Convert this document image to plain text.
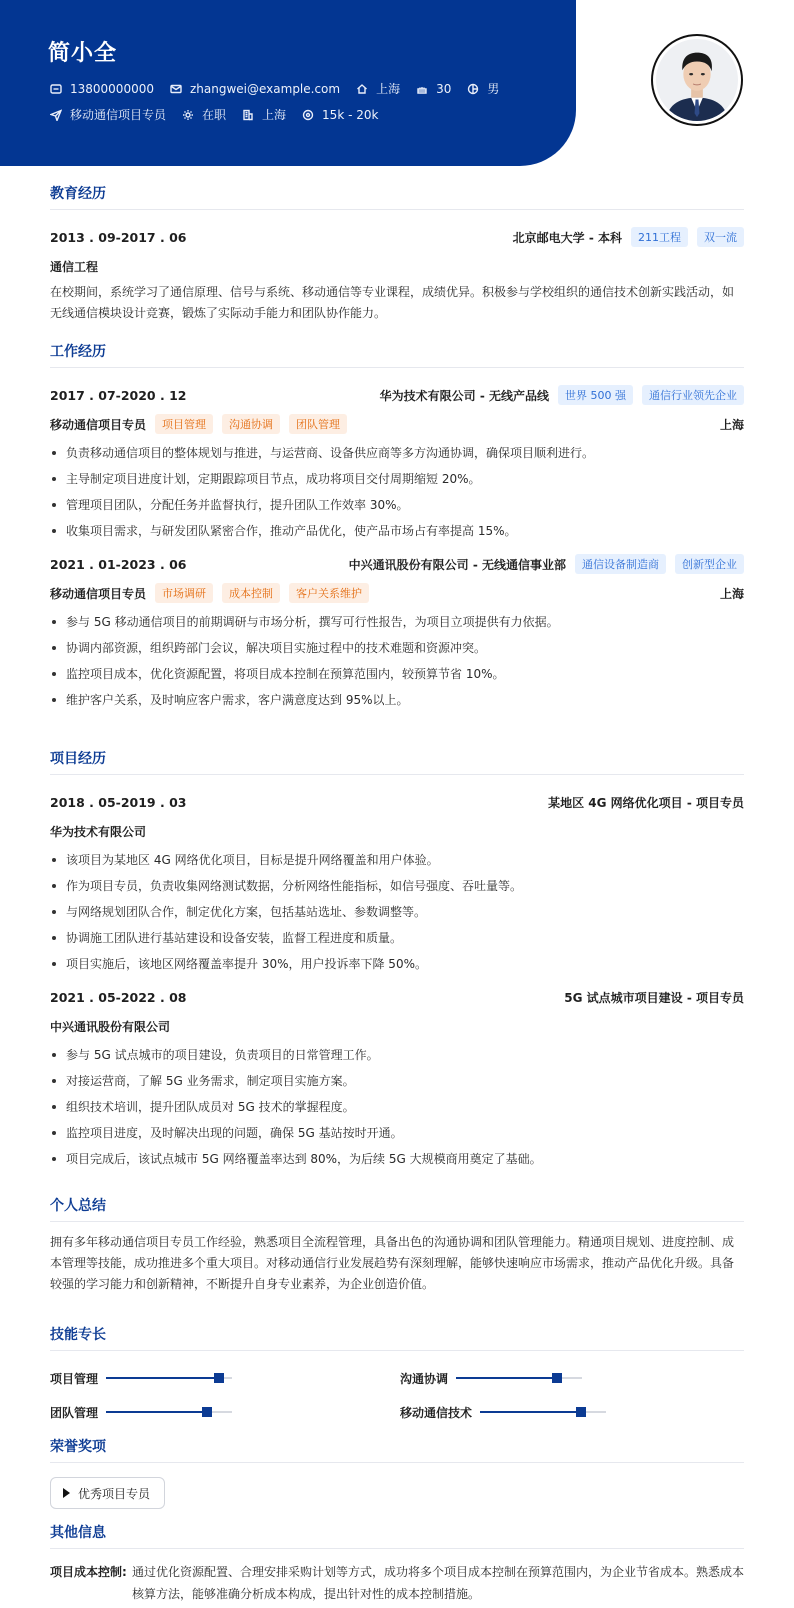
简小全
13800000000	zhangwei@example.com	上海	30	男
移动通信项目专员	在职	上海	15k - 20k
教育经历
2013 . 09-2017 . 06	北京邮电大学 - 本科	211工程	双一流
通信工程
在校期间，系统学习了通信原理、信号与系统、移动通信等专业课程，成绩优异。积极参与学校组织的通信技术创新实践活动，如无线通信模块设计竞赛，锻炼了实际动手能力和团队协作能力。
工作经历
2017 . 07-2020 . 12	华为技术有限公司 - 无线产品线	世界 500 强	通信行业领先企业
移动通信项目专员	项目管理	沟通协调	团队管理	上海
负责移动通信项目的整体规划与推进，与运营商、设备供应商等多方沟通协调，确保项目顺利进行。
主导制定项目进度计划，定期跟踪项目节点，成功将项目交付周期缩短 20%。
管理项目团队，分配任务并监督执行，提升团队工作效率 30%。
收集项目需求，与研发团队紧密合作，推动产品优化，使产品市场占有率提高 15%。
2021 . 01-2023 . 06	中兴通讯股份有限公司 - 无线通信事业部	通信设备制造商	创新型企业
移动通信项目专员	市场调研	成本控制	客户关系维护	上海
参与 5G 移动通信项目的前期调研与市场分析，撰写可行性报告，为项目立项提供有力依据。
协调内部资源，组织跨部门会议，解决项目实施过程中的技术难题和资源冲突。
监控项目成本，优化资源配置，将项目成本控制在预算范围内，较预算节省 10%。
维护客户关系，及时响应客户需求，客户满意度达到 95%以上。
项目经历
2018 . 05-2019 . 03	某地区 4G 网络优化项目 - 项目专员
华为技术有限公司
该项目为某地区 4G 网络优化项目，目标是提升网络覆盖和用户体验。
作为项目专员，负责收集网络测试数据，分析网络性能指标，如信号强度、吞吐量等。
与网络规划团队合作，制定优化方案，包括基站选址、参数调整等。
协调施工团队进行基站建设和设备安装，监督工程进度和质量。
项目实施后，该地区网络覆盖率提升 30%，用户投诉率下降 50%。
2021 . 05-2022 . 08	5G 试点城市项目建设 - 项目专员
中兴通讯股份有限公司
参与 5G 试点城市的项目建设，负责项目的日常管理工作。
对接运营商，了解 5G 业务需求，制定项目实施方案。
组织技术培训，提升团队成员对 5G 技术的掌握程度。
监控项目进度，及时解决出现的问题，确保 5G 基站按时开通。
项目完成后，该试点城市 5G 网络覆盖率达到 80%，为后续 5G 大规模商用奠定了基础。
个人总结
拥有多年移动通信项目专员工作经验，熟悉项目全流程管理，具备出色的沟通协调和团队管理能力。精通项目规划、进度控制、成本管理等技能，成功推进多个重大项目。对移动通信行业发展趋势有深刻理解，能够快速响应市场需求，推动产品优化升级。具备较强的学习能力和创新精神，不断提升自身专业素养，为企业创造价值。
技能专长
项目管理	沟通协调
团队管理	移动通信技术
荣誉奖项
优秀项目专员
其他信息
项目成本控制: 通过优化资源配置、合理安排采购计划等方式，成功将多个项目成本控制在预算范围内，为企业节省成本。熟悉成本核算方法，能够准确分析成本构成，提出针对性的成本控制措施。
